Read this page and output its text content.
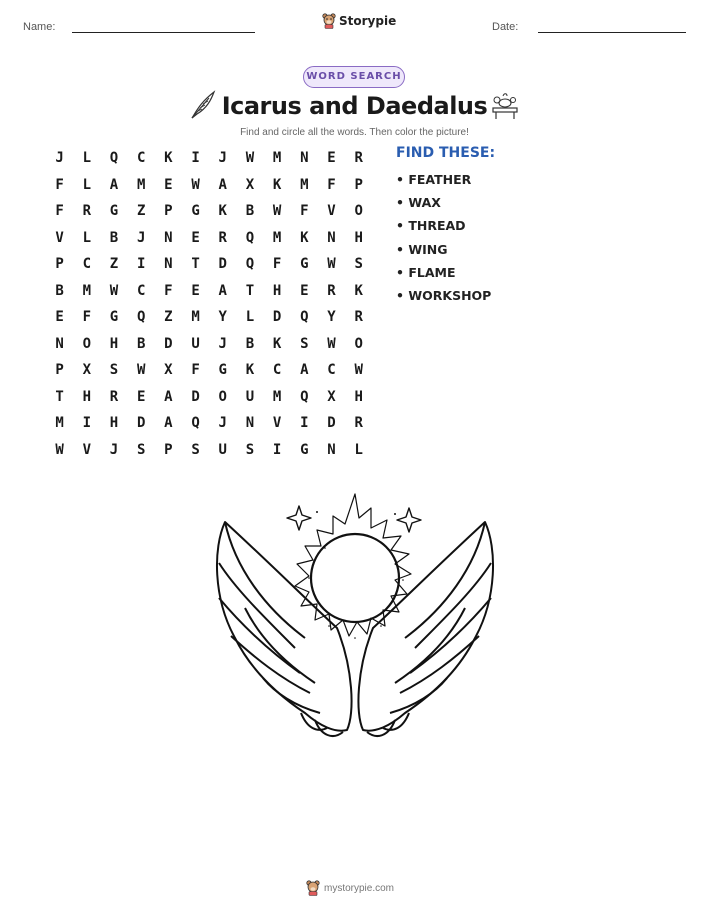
Name:	Storypie	Date:
WORD SEARCH
Icarus and Daedalus
Find and circle all the words. Then color the picture!
J	L	Q	C	K	I	J	W	M	N	E	R
F	L	A	M	E	W	A	X	K	M	F	P
F	R	G	Z	P	G	K	B	W	F	V	O
V	L	B	J	N	E	R	Q	M	K	N	H
P	C	Z	I	N	T	D	Q	F	G	W	S
B	M	W	C	F	E	A	T	H	E	R	K
E	F	G	Q	Z	M	Y	L	D	Q	Y	R
N	O	H	B	D	U	J	B	K	S	W	O
P	X	S	W	X	F	G	K	C	A	C	W
T	H	R	E	A	D	O	U	M	Q	X	H
M	I	H	D	A	Q	J	N	V	I	D	R
W	V	J	S	P	S	U	S	I	G	N	L
FIND THESE:
• FEATHER
• WAX
• THREAD
• WING
• FLAME
• WORKSHOP
mystorypie.com
